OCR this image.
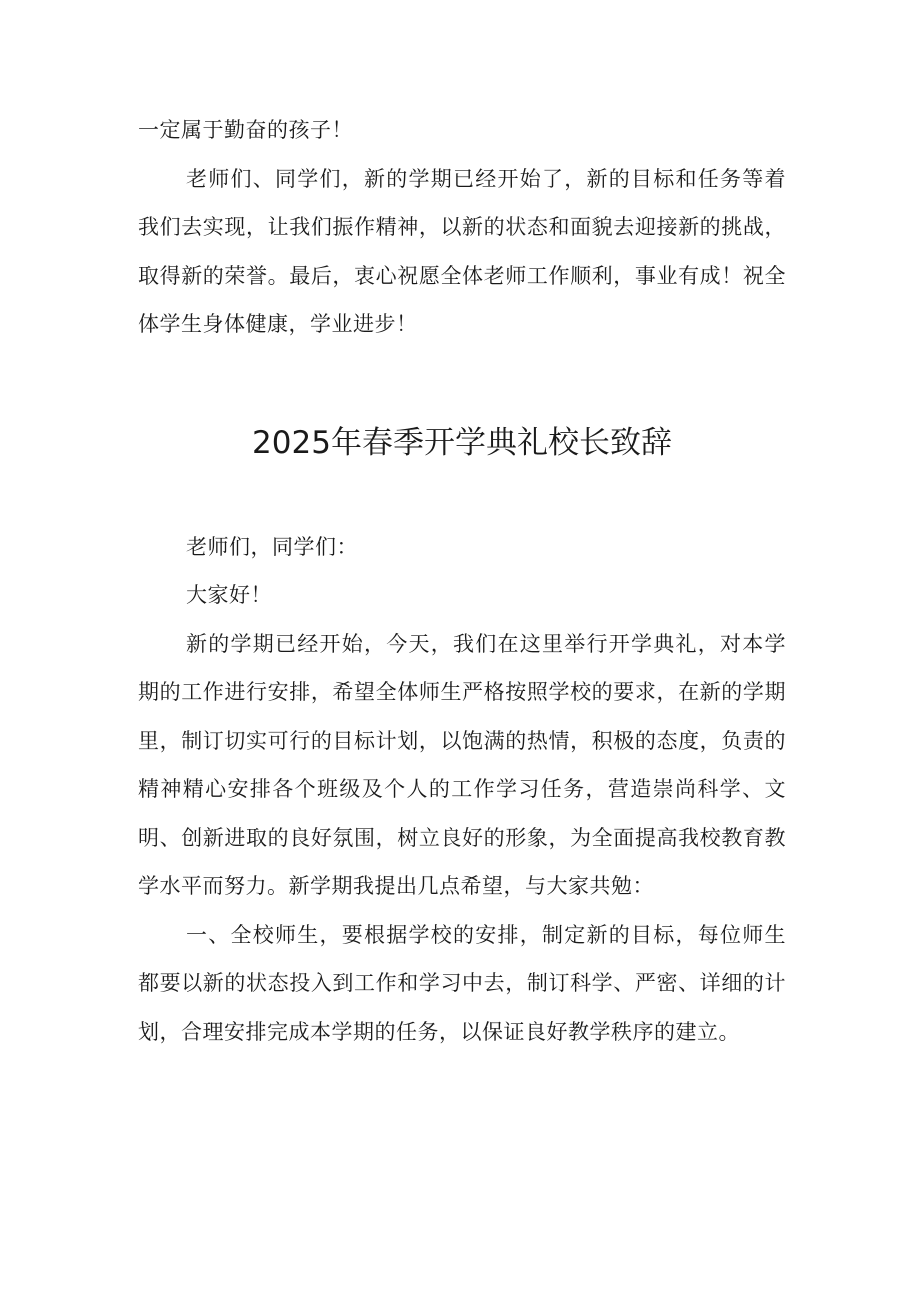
一定属于勤奋的孩子！

老师们、同学们，新的学期已经开始了，新的目标和任务等着我们去实现，让我们振作精神，以新的状态和面貌去迎接新的挑战，取得新的荣誉。最后，衷心祝愿全体老师工作顺利，事业有成！祝全体学生身体健康，学业进步！

2025年春季开学典礼校长致辞

老师们，同学们：

大家好！

新的学期已经开始，今天，我们在这里举行开学典礼，对本学期的工作进行安排，希望全体师生严格按照学校的要求，在新的学期里，制订切实可行的目标计划，以饱满的热情，积极的态度，负责的精神精心安排各个班级及个人的工作学习任务，营造崇尚科学、文明、创新进取的良好氛围，树立良好的形象，为全面提高我校教育教学水平而努力。新学期我提出几点希望，与大家共勉：

一、全校师生，要根据学校的安排，制定新的目标，每位师生都要以新的状态投入到工作和学习中去，制订科学、严密、详细的计划，合理安排完成本学期的任务，以保证良好教学秩序的建立。
